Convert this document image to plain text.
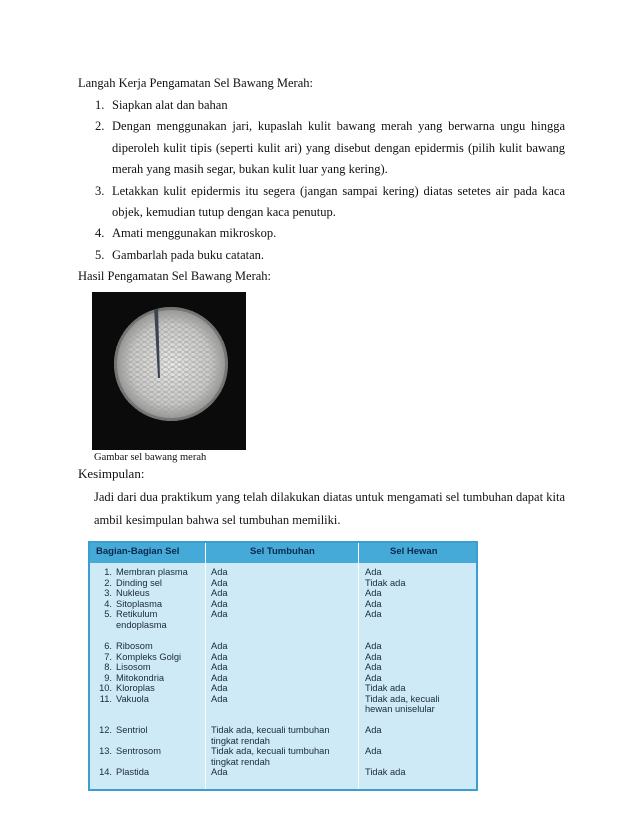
Langah Kerja Pengamatan Sel Bawang Merah:
1. Siapkan alat dan bahan
2. Dengan menggunakan jari, kupaslah kulit bawang merah yang berwarna ungu hingga diperoleh kulit tipis (seperti kulit ari) yang disebut dengan epidermis (pilih kulit bawang merah yang masih segar, bukan kulit luar yang kering).
3. Letakkan kulit epidermis itu segera (jangan sampai kering) diatas setetes air pada kaca objek, kemudian tutup dengan kaca penutup.
4. Amati menggunakan mikroskop.
5. Gambarlah pada buku catatan.
Hasil Pengamatan Sel Bawang Merah:
Gambar sel bawang merah
Kesimpulan:
Jadi dari dua praktikum yang telah dilakukan diatas untuk mengamati sel tumbuhan dapat kita ambil kesimpulan bahwa sel tumbuhan memiliki.
Bagian-Bagian Sel	Sel Tumbuhan	Sel Hewan
1. Membran plasma	Ada	Ada
2. Dinding sel	Ada	Tidak ada
3. Nukleus	Ada	Ada
4. Sitoplasma	Ada	Ada
5. Retikulum
endoplasma
Ada	Ada
6. Ribosom	Ada	Ada
7. Kompleks Golgi	Ada	Ada
8. Lisosom	Ada	Ada
9. Mitokondria	Ada	Ada
10. Kloroplas	Ada	Tidak ada
11. Vakuola	Ada	Tidak ada, kecuali
hewan uniselular
12. Sentriol	Tidak ada, kecuali tumbuhan
tingkat rendah
Ada
13. Sentrosom	Tidak ada, kecuali tumbuhan
tingkat rendah
Ada
14. Plastida	Ada	Tidak ada
